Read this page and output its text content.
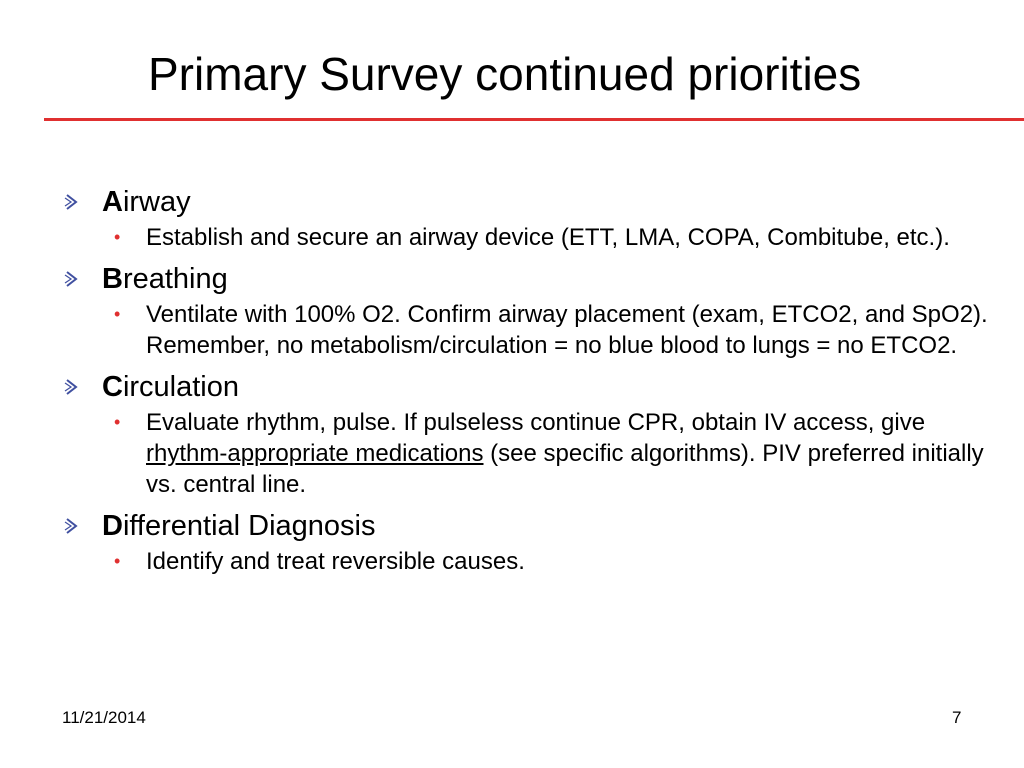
Primary Survey continued priorities
Airway
• Establish and secure an airway device (ETT, LMA, COPA, Combitube, etc.).
Breathing
• Ventilate with 100% O2. Confirm airway placement (exam, ETCO2, and SpO2). Remember, no metabolism/circulation = no blue blood to lungs = no ETCO2.
Circulation
• Evaluate rhythm, pulse. If pulseless continue CPR, obtain IV access, give rhythm-appropriate medications (see specific algorithms). PIV preferred initially vs. central line.
Differential Diagnosis
• Identify and treat reversible causes.
11/21/2014	7
